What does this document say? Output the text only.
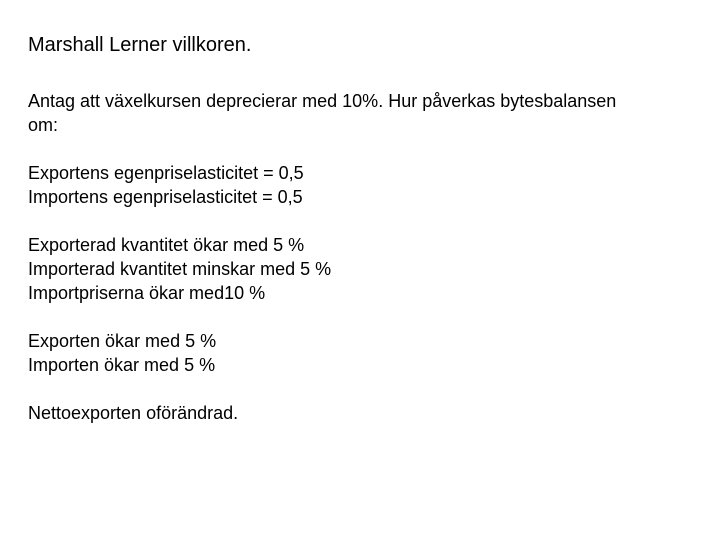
Marshall Lerner villkoren.
Antag att växelkursen deprecierar med 10%. Hur påverkas bytesbalansen
om:
Exportens egenpriselasticitet = 0,5
Importens egenpriselasticitet = 0,5
Exporterad kvantitet ökar med 5 %
Importerad kvantitet minskar med 5 %
Importpriserna ökar med10 %
Exporten ökar med 5 %
Importen ökar med 5 %
Nettoexporten oförändrad.
